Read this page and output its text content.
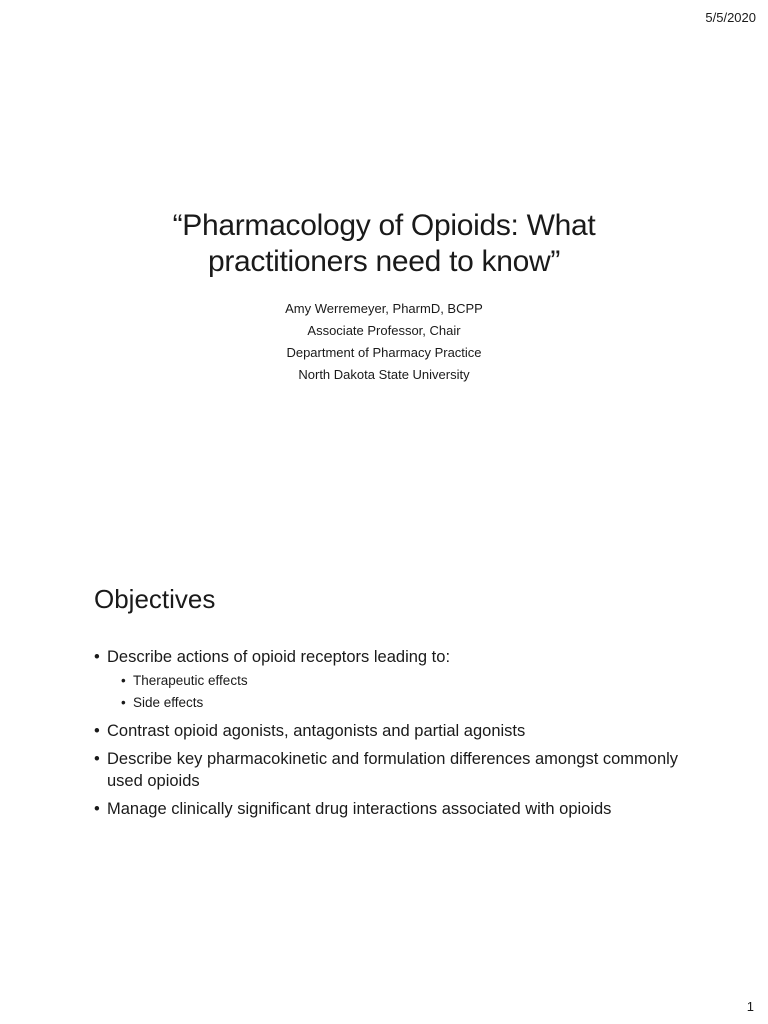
5/5/2020
“Pharmacology of Opioids: What
practitioners need to know”
Amy Werremeyer, PharmD, BCPP
Associate Professor, Chair
Department of Pharmacy Practice
North Dakota State University
Objectives
• Describe actions of opioid receptors leading to:
• Therapeutic effects
• Side effects
• Contrast opioid agonists, antagonists and partial agonists
• Describe key pharmacokinetic and formulation differences amongst commonly used opioids
• Manage clinically significant drug interactions associated with opioids
1
